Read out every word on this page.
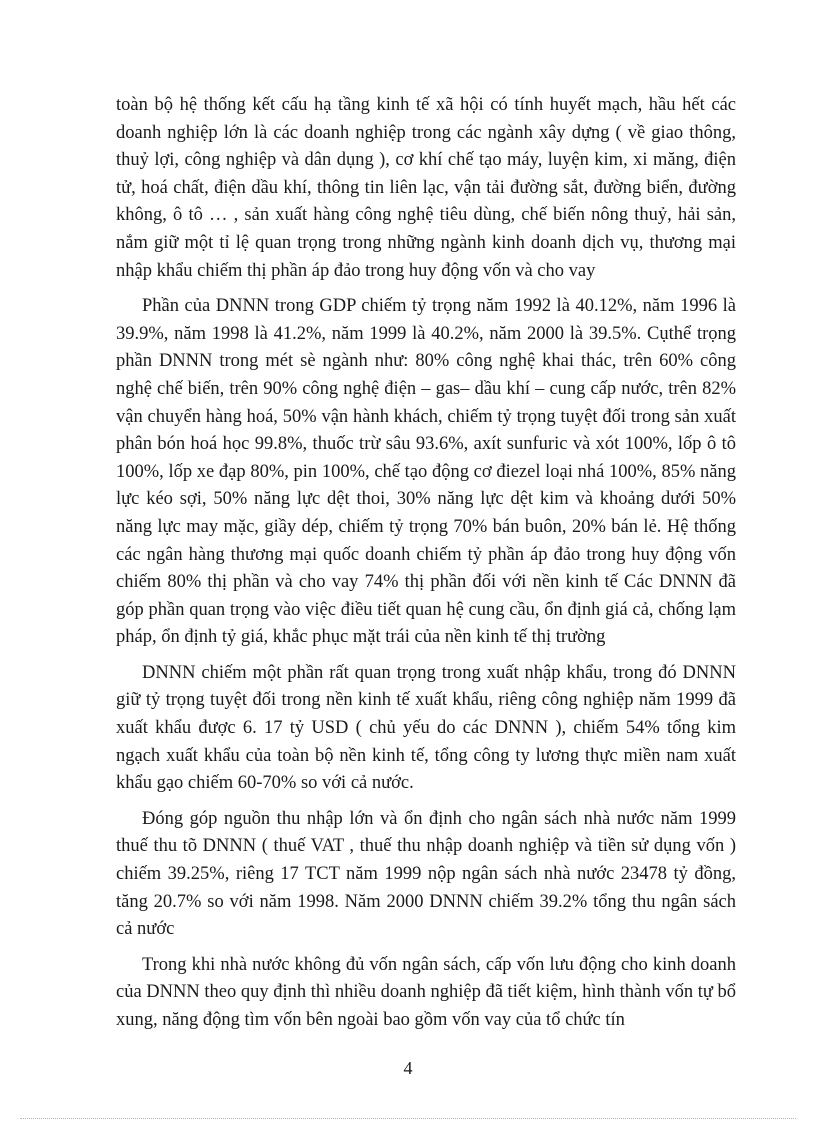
toàn bộ hệ thống kết cấu hạ tầng kinh tế xã hội có tính huyết mạch, hầu hết các doanh nghiệp lớn là các doanh nghiệp trong các ngành xây dựng ( về giao thông, thuỷ lợi, công nghiệp và dân dụng ), cơ khí chế tạo máy, luyện kim, xi măng, điện tử, hoá chất, điện dầu khí, thông tin liên lạc, vận tải đường sắt, đường biển, đường không, ô tô … , sản xuất hàng công nghệ tiêu dùng, chế biến nông thuỷ, hải sản, nắm giữ một tỉ lệ quan trọng trong những ngành kinh doanh dịch vụ, thương mại nhập khẩu chiếm thị phần áp đảo trong huy động vốn và cho vay

Phần của DNNN trong GDP chiếm tỷ trọng năm 1992 là 40.12%, năm 1996 là 39.9%, năm 1998 là 41.2%, năm 1999 là 40.2%, năm 2000 là 39.5%. Cụthể trọng phần DNNN trong mét sè ngành như: 80% công nghệ khai thác, trên 60% công nghệ chế biến, trên 90% công nghệ điện – gas– dầu khí – cung cấp nước, trên 82% vận chuyển hàng hoá, 50% vận hành khách, chiếm tỷ trọng tuyệt đối trong sản xuất phân bón hoá học 99.8%, thuốc trừ sâu 93.6%, axít sunfuric và xót 100%, lốp ô tô 100%, lốp xe đạp 80%, pin 100%, chế tạo động cơ điezel loại nhá 100%, 85% năng lực kéo sợi, 50% năng lực dệt thoi, 30% năng lực dệt kim và khoảng dưới 50% năng lực may mặc, giầy dép, chiếm tỷ trọng 70% bán buôn, 20% bán lẻ. Hệ thống các ngân hàng thương mại quốc doanh chiếm tỷ phần áp đảo trong huy động vốn chiếm 80% thị phần và cho vay 74% thị phần đối với nền kinh tế Các DNNN đã góp phần quan trọng vào việc điều tiết quan hệ cung cầu, ổn định giá cả, chống lạm pháp, ổn định tỷ giá, khắc phục mặt trái của nền kinh tế thị trường

DNNN chiếm một phần rất quan trọng trong xuất nhập khẩu, trong đó DNNN giữ tỷ trọng tuyệt đối trong nền kinh tế xuất khẩu, riêng công nghiệp năm 1999 đã xuất khẩu được 6. 17 tỷ USD ( chủ yếu do các DNNN ), chiếm 54% tổng kim ngạch xuất khẩu của toàn bộ nền kinh tế, tổng công ty lương thực miền nam xuất khẩu gạo chiếm 60-70% so với cả nước.

Đóng góp nguồn thu nhập lớn và ổn định cho ngân sách nhà nước năm 1999 thuế thu tõ DNNN ( thuế VAT , thuế thu nhập doanh nghiệp và tiền sử dụng vốn ) chiếm 39.25%, riêng 17 TCT năm 1999 nộp ngân sách nhà nước 23478 tỷ đồng, tăng 20.7% so với năm 1998. Năm 2000 DNNN chiếm 39.2% tổng thu ngân sách cả nước

Trong khi nhà nước không đủ vốn ngân sách, cấp vốn lưu động cho kinh doanh của DNNN theo quy định thì nhiều doanh nghiệp đã tiết kiệm, hình thành vốn tự bổ xung, năng động tìm vốn bên ngoài bao gồm vốn vay của tổ chức tín

4
